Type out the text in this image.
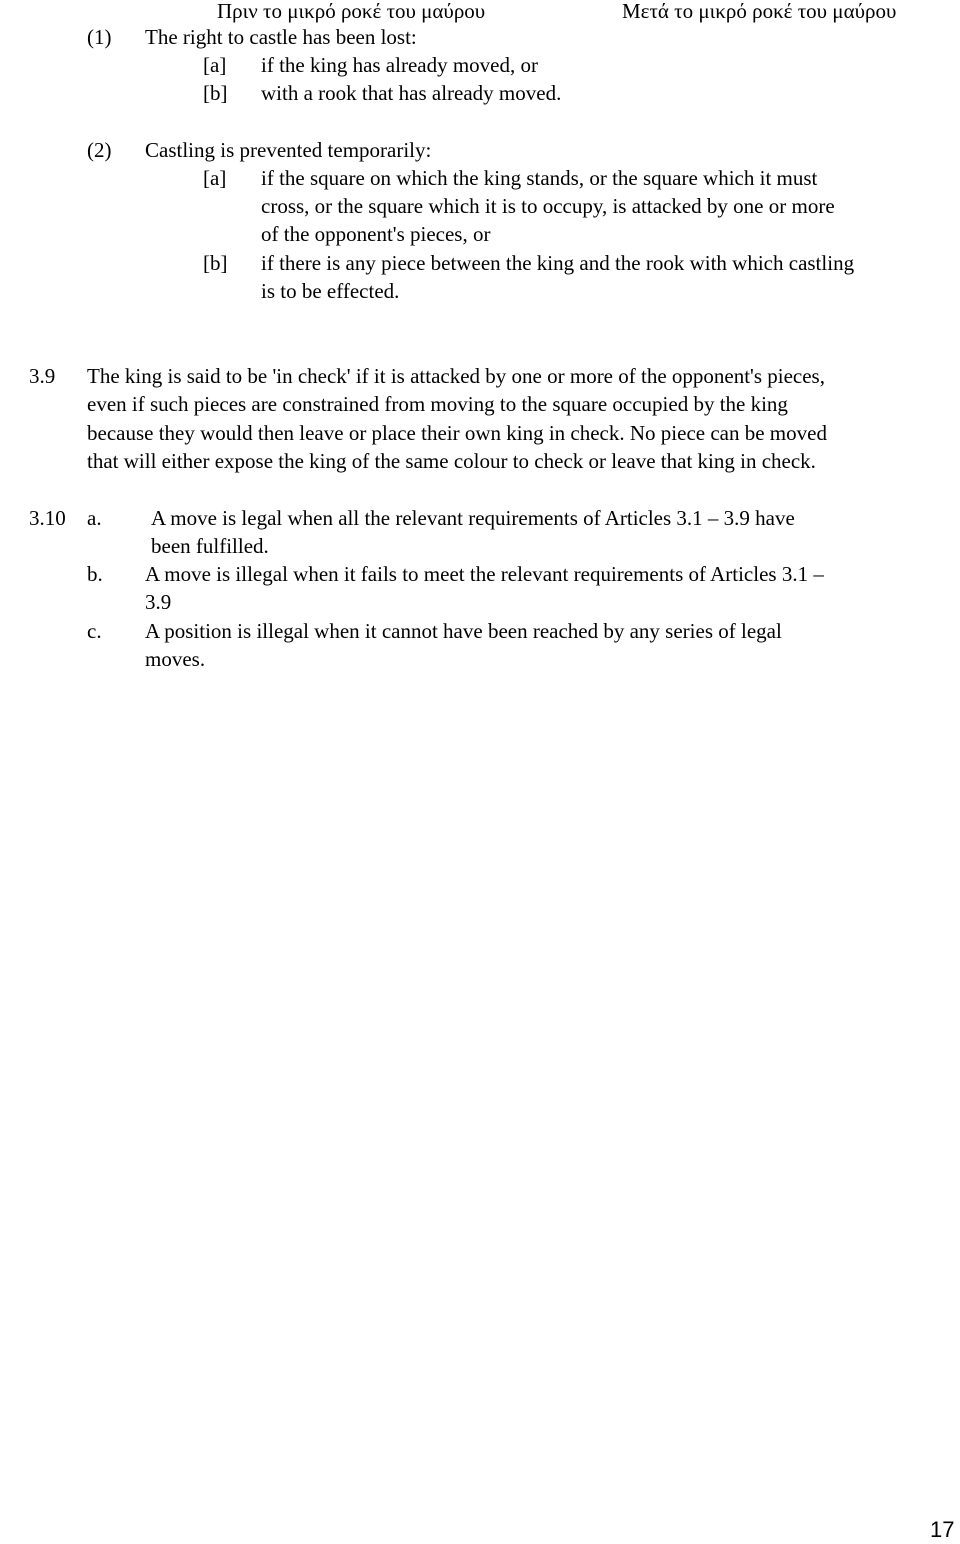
Πριν το μικρό ροκέ του μαύρου	Μετά το μικρό ροκέ του μαύρου
(1) The right to castle has been lost:
[a] if the king has already moved, or
[b] with a rook that has already moved.
(2) Castling is prevented temporarily:
[a] if the square on which the king stands, or the square which it must
cross, or the square which it is to occupy, is attacked by one or more
of the opponent's pieces, or
[b] if there is any piece between the king and the rook with which castling
is to be effected.
3.9 The king is said to be 'in check' if it is attacked by one or more of the opponent's pieces,
even if such pieces are constrained from moving to the square occupied by the king
because they would then leave or place their own king in check. No piece can be moved
that will either expose the king of the same colour to check or leave that king in check.
3.10 a. A move is legal when all the relevant requirements of Articles 3.1 – 3.9 have
been fulfilled.
b. A move is illegal when it fails to meet the relevant requirements of Articles 3.1 –
3.9
c. A position is illegal when it cannot have been reached by any series of legal
moves.
17
